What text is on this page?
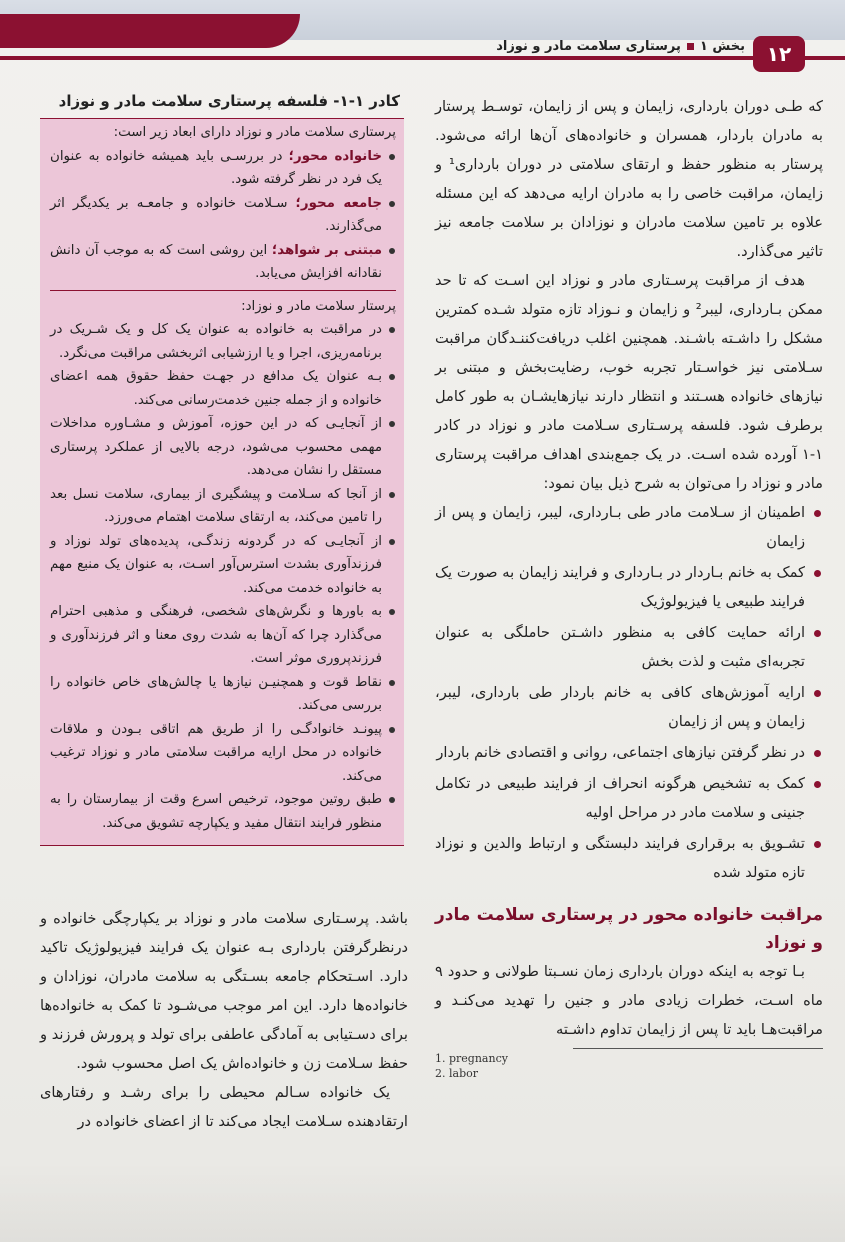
۱۲
بخش ۱
پرستاری سلامت مادر و نوزاد

که طـی دوران بارداری، زایمان و پس از زایمان، توسـط پرستار به مادران باردار، همسران و خانواده‌های آن‌ها ارائه می‌شود. پرستار به منظور حفظ و ارتقای سلامتی در دوران بارداری¹ و زایمان، مراقبت خاصی را به مادران ارایه می‌دهد که این مسئله علاوه بر تامین سلامت مادران و نوزادان بر سلامت جامعه نیز تاثیر می‌گذارد.

هدف از مراقبت پرسـتاری مادر و نوزاد این اسـت که تا حد ممکن بـارداری، لیبر² و زایمان و نـوزاد تازه متولد شـده کمترین مشکل را داشـته باشـند. همچنین اغلب دریافت‌کننـدگان مراقبت سـلامتی نیز خواسـتار تجربه خوب، رضایت‌بخش و مبتنی بر نیازهای خانواده هسـتند و انتظار دارند نیازهایشـان به طور کامل برطرف شود. فلسفه پرسـتاری سـلامت مادر و نوزاد در کادر ۱-۱ آورده شده اسـت. در یک جمع‌بندی اهداف مراقبت پرستاری مادر و نوزاد را می‌توان به شرح ذیل بیان نمود:

اطمینان از سـلامت مادر طی بـارداری، لیبر، زایمان و پس از زایمان
کمک به خانم بـاردار در بـارداری و فرایند زایمان به صورت یک فرایند طبیعی یا فیزیولوژیک
ارائه حمایت کافی به منظور داشـتن حاملگی به عنوان تجربه‌ای مثبت و لذت بخش
ارایه آموزش‌های کافی به خانم باردار طی بارداری، لیبر، زایمان و پس از زایمان
در نظر گرفتن نیازهای اجتماعی، روانی و اقتصادی خانم باردار
کمک به تشخیص هرگونه انحراف از فرایند طبیعی در تکامل جنینی و سلامت مادر در مراحل اولیه
تشـویق به برقراری فرایند دلبستگی و ارتباط والدین و نوزاد تازه متولد شده
مراقبت خانواده محور در پرستاری سلامت مادر و نوزاد

بـا توجه به اینکه دوران بارداری زمان نسـبتا طولانی و حدود ۹ ماه اسـت، خطرات زیادی مادر و جنین را تهدید می‌کنـد و مراقبت‌هـا باید تا پس از زایمان تداوم داشـته

1. pregnancy
2. labor
کادر ۱-۱- فلسفه پرستاری سلامت مادر و نوزاد
پرستاری سلامت مادر و نوزاد دارای ابعاد زیر است:
خانواده محور؛ در بررسـی باید همیشه خانواده به عنوان یک فرد در نظر گرفته شود.
جامعه محور؛ سـلامت خانواده و جامعـه بر یکدیگر اثر می‌گذارند.
مبتنی بر شواهد؛ این روشی است که به موجب آن دانش نقادانه افزایش می‌یابد.
پرستار سلامت مادر و نوزاد:
در مراقبت به خانواده به عنوان یک کل و یک شـریک در برنامه‌ریزی، اجرا و یا ارزشیابی اثربخشی مراقبت می‌نگرد.
بـه عنوان یک مدافع در جهـت حفظ حقوق همه اعضای خانواده و از جمله جنین خدمت‌رسانی می‌کند.
از آنجایـی که در این حوزه، آموزش و مشـاوره مداخلات مهمی محسوب می‌شود، درجه بالایی از عملکرد پرستاری مستقل را نشان می‌دهد.
از آنجا که سـلامت و پیشگیری از بیماری، سلامت نسل بعد را تامین می‌کند، به ارتقای سلامت اهتمام می‌ورزد.
از آنجایـی که در گردونه زندگـی، پدیده‌های تولد نوزاد و فرزندآوری بشدت استرس‌آور اسـت، به عنوان یک منبع مهم به خانواده خدمت می‌کند.
به باورها و نگرش‌های شخصی، فرهنگی و مذهبی احترام می‌گذارد چرا که آن‌ها به شدت روی معنا و اثر فرزندآوری و فرزندپروری موثر است.
نقاط قوت و همچنیـن نیازها یا چالش‌های خاص خانواده را بررسی می‌کند.
پیونـد خانوادگـی را از طریق هم اتاقی بـودن و ملاقات خانواده در محل ارایه مراقبت سلامتی مادر و نوزاد ترغیب می‌کند.
طبق روتین موجود، ترخیص اسرع وقت از بیمارستان را به منظور فرایند انتقال مفید و یکپارچه تشویق می‌کند.

باشد. پرسـتاری سلامت مادر و نوزاد بر یکپارچگی خانواده و درنظرگرفتن بارداری بـه عنوان یک فرایند فیزیولوژیک تاکید دارد. اسـتحکام جامعه بسـتگی به سلامت مادران، نوزادان و خانواده‌ها دارد. این امر موجب می‌شـود تا کمک به خانواده‌ها برای دسـتیابی به آمادگی عاطفی برای تولد و پرورش فرزند و حفظ سـلامت زن و خانواده‌اش یک اصل محسوب شود.

یک خانواده سـالم محیطی را برای رشـد و رفتارهای ارتقادهنده سـلامت ایجاد می‌کند تا از اعضای خانواده در
